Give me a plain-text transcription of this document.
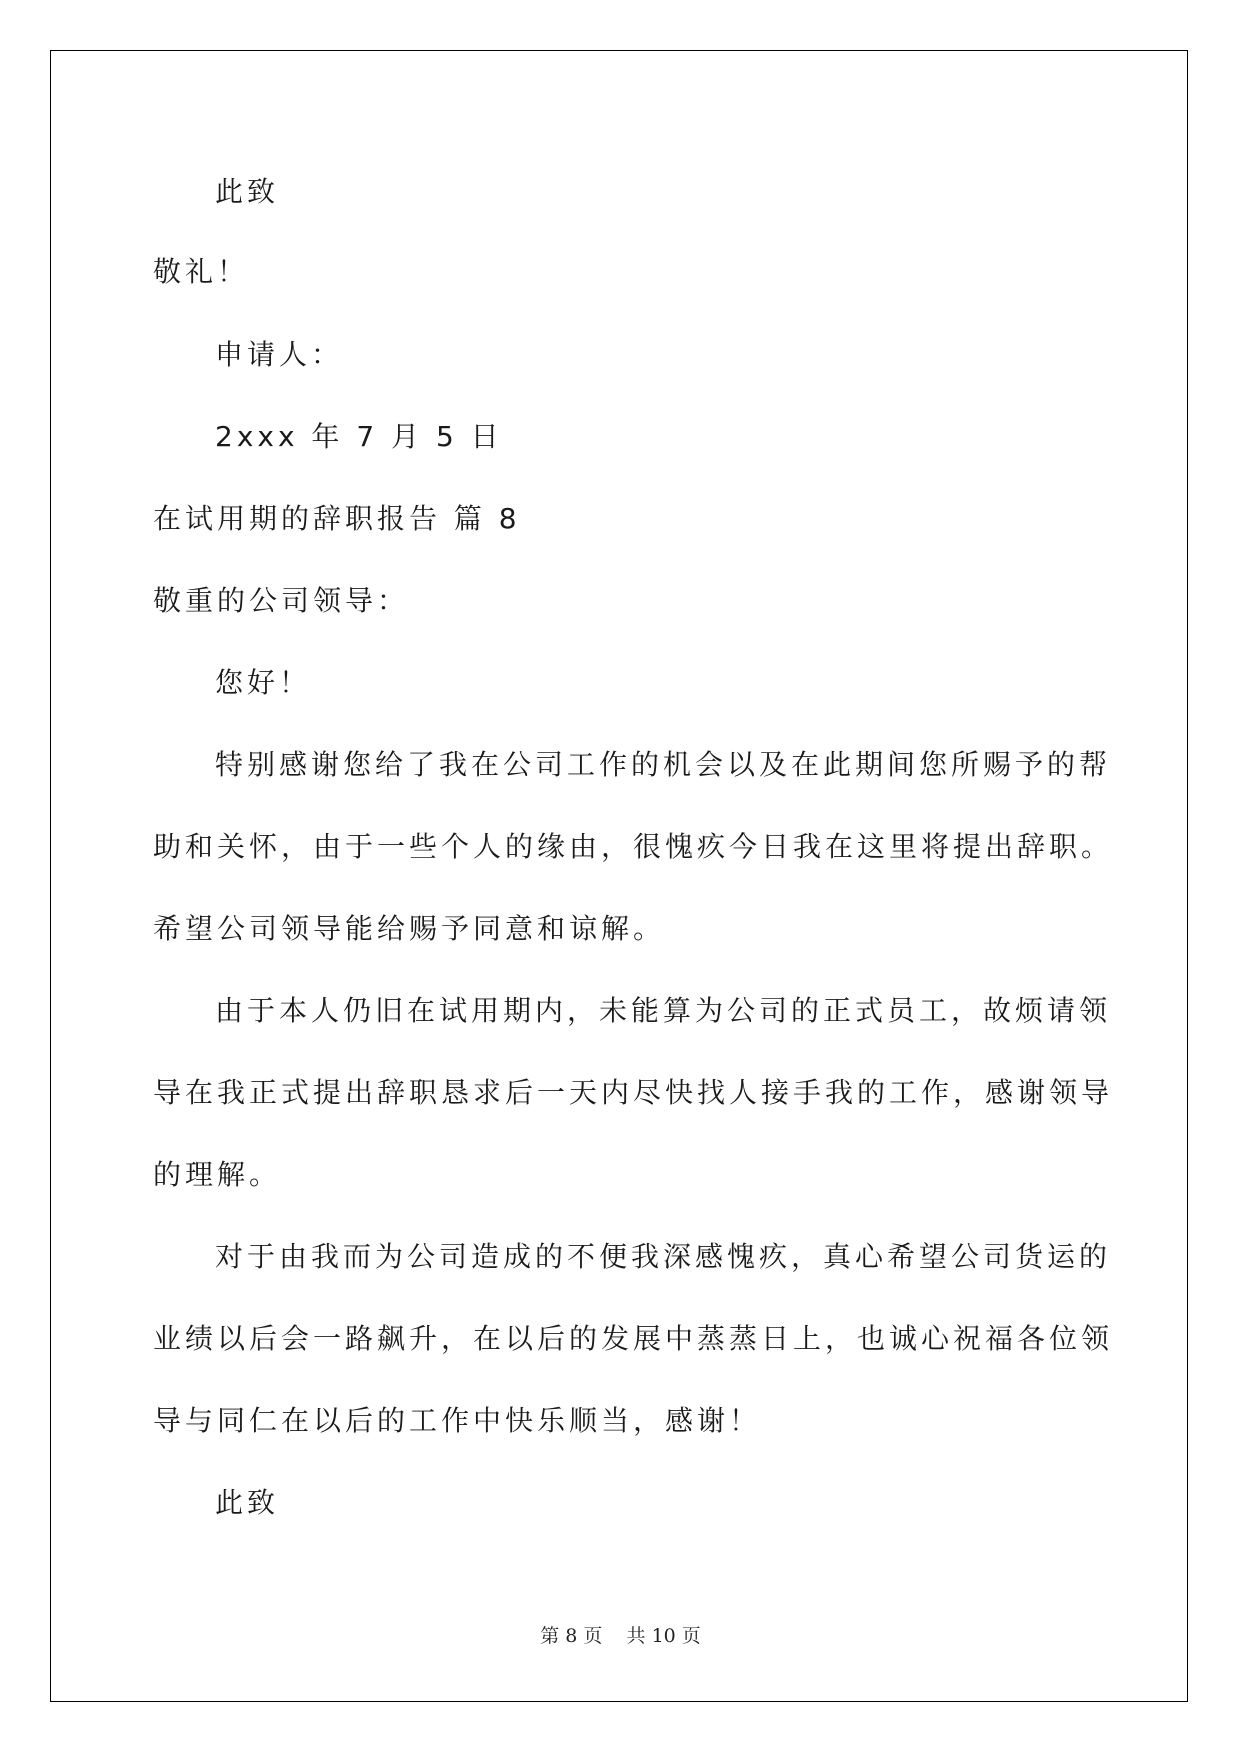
此致
敬礼！
申请人：
2xxx 年 7 月 5 日
在试用期的辞职报告 篇 8
敬重的公司领导：
您好！
特别感谢您给了我在公司工作的机会以及在此期间您所赐予的帮
助和关怀，由于一些个人的缘由，很愧疚今日我在这里将提出辞职。
希望公司领导能给赐予同意和谅解。
由于本人仍旧在试用期内，未能算为公司的正式员工，故烦请领
导在我正式提出辞职恳求后一天内尽快找人接手我的工作，感谢领导
的理解。
对于由我而为公司造成的不便我深感愧疚，真心希望公司货运的
业绩以后会一路飙升，在以后的发展中蒸蒸日上，也诚心祝福各位领
导与同仁在以后的工作中快乐顺当，感谢！
此致
第 8 页    共 10 页
